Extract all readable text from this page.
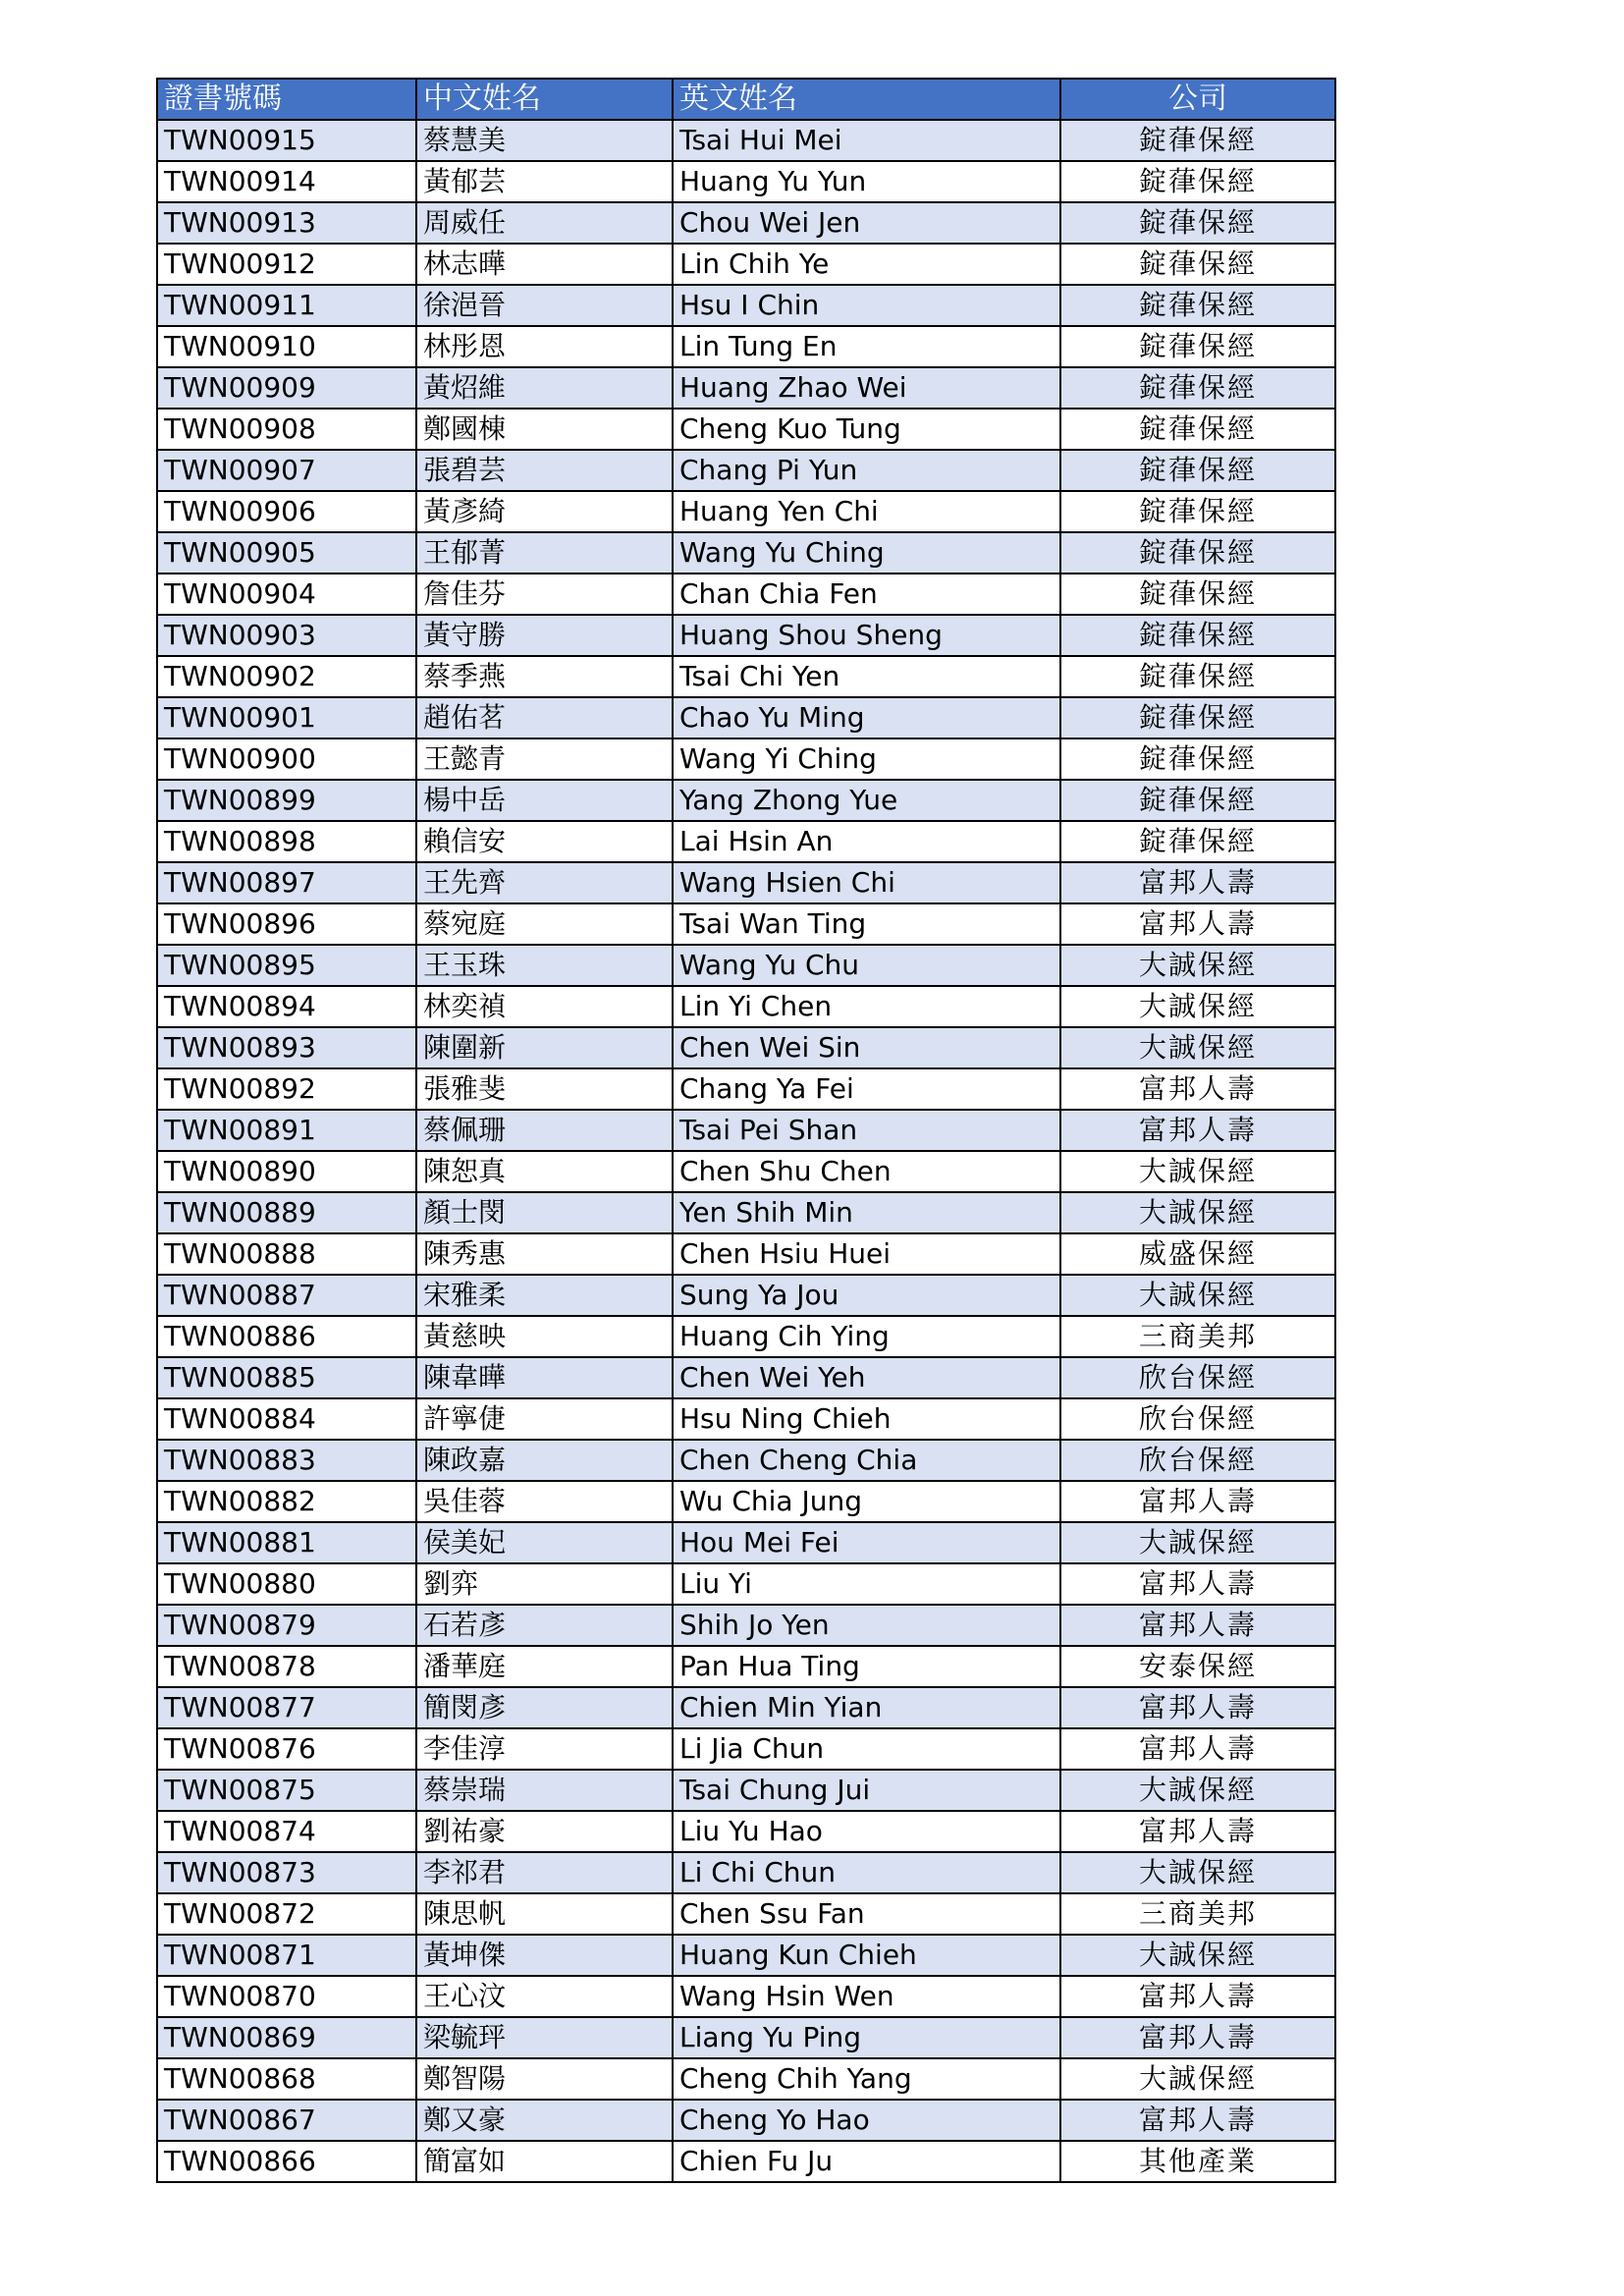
證書號碼	中文姓名	英文姓名	公司
TWN00915	蔡慧美	Tsai Hui Mei	錠葎保經
TWN00914	黃郁芸	Huang Yu Yun	錠葎保經
TWN00913	周威任	Chou Wei Jen	錠葎保經
TWN00912	林志曄	Lin Chih Ye	錠葎保經
TWN00911	徐浥晉	Hsu I Chin	錠葎保經
TWN00910	林彤恩	Lin Tung En	錠葎保經
TWN00909	黃炤維	Huang Zhao Wei	錠葎保經
TWN00908	鄭國棟	Cheng Kuo Tung	錠葎保經
TWN00907	張碧芸	Chang Pi Yun	錠葎保經
TWN00906	黃彥綺	Huang Yen Chi	錠葎保經
TWN00905	王郁菁	Wang Yu Ching	錠葎保經
TWN00904	詹佳芬	Chan Chia Fen	錠葎保經
TWN00903	黃守勝	Huang Shou Sheng	錠葎保經
TWN00902	蔡季燕	Tsai Chi Yen	錠葎保經
TWN00901	趙佑茗	Chao Yu Ming	錠葎保經
TWN00900	王懿青	Wang Yi Ching	錠葎保經
TWN00899	楊中岳	Yang Zhong Yue	錠葎保經
TWN00898	賴信安	Lai Hsin An	錠葎保經
TWN00897	王先齊	Wang Hsien Chi	富邦人壽
TWN00896	蔡宛庭	Tsai Wan Ting	富邦人壽
TWN00895	王玉珠	Wang Yu Chu	大誠保經
TWN00894	林奕禎	Lin Yi Chen	大誠保經
TWN00893	陳圍新	Chen Wei Sin	大誠保經
TWN00892	張雅斐	Chang Ya Fei	富邦人壽
TWN00891	蔡佩珊	Tsai Pei Shan	富邦人壽
TWN00890	陳恕真	Chen Shu Chen	大誠保經
TWN00889	顏士閔	Yen Shih Min	大誠保經
TWN00888	陳秀惠	Chen Hsiu Huei	威盛保經
TWN00887	宋雅柔	Sung Ya Jou	大誠保經
TWN00886	黃慈映	Huang Cih Ying	三商美邦
TWN00885	陳韋曄	Chen Wei Yeh	欣台保經
TWN00884	許寧倢	Hsu Ning Chieh	欣台保經
TWN00883	陳政嘉	Chen Cheng Chia	欣台保經
TWN00882	吳佳蓉	Wu Chia Jung	富邦人壽
TWN00881	侯美妃	Hou Mei Fei	大誠保經
TWN00880	劉弈	Liu Yi	富邦人壽
TWN00879	石若彥	Shih Jo Yen	富邦人壽
TWN00878	潘華庭	Pan Hua Ting	安泰保經
TWN00877	簡閔彥	Chien Min Yian	富邦人壽
TWN00876	李佳淳	Li Jia Chun	富邦人壽
TWN00875	蔡崇瑞	Tsai Chung Jui	大誠保經
TWN00874	劉祐豪	Liu Yu Hao	富邦人壽
TWN00873	李祁君	Li Chi Chun	大誠保經
TWN00872	陳思帆	Chen Ssu Fan	三商美邦
TWN00871	黃坤傑	Huang Kun Chieh	大誠保經
TWN00870	王心汶	Wang Hsin Wen	富邦人壽
TWN00869	梁毓玶	Liang Yu Ping	富邦人壽
TWN00868	鄭智陽	Cheng Chih Yang	大誠保經
TWN00867	鄭又豪	Cheng Yo Hao	富邦人壽
TWN00866	簡富如	Chien Fu Ju	其他產業
